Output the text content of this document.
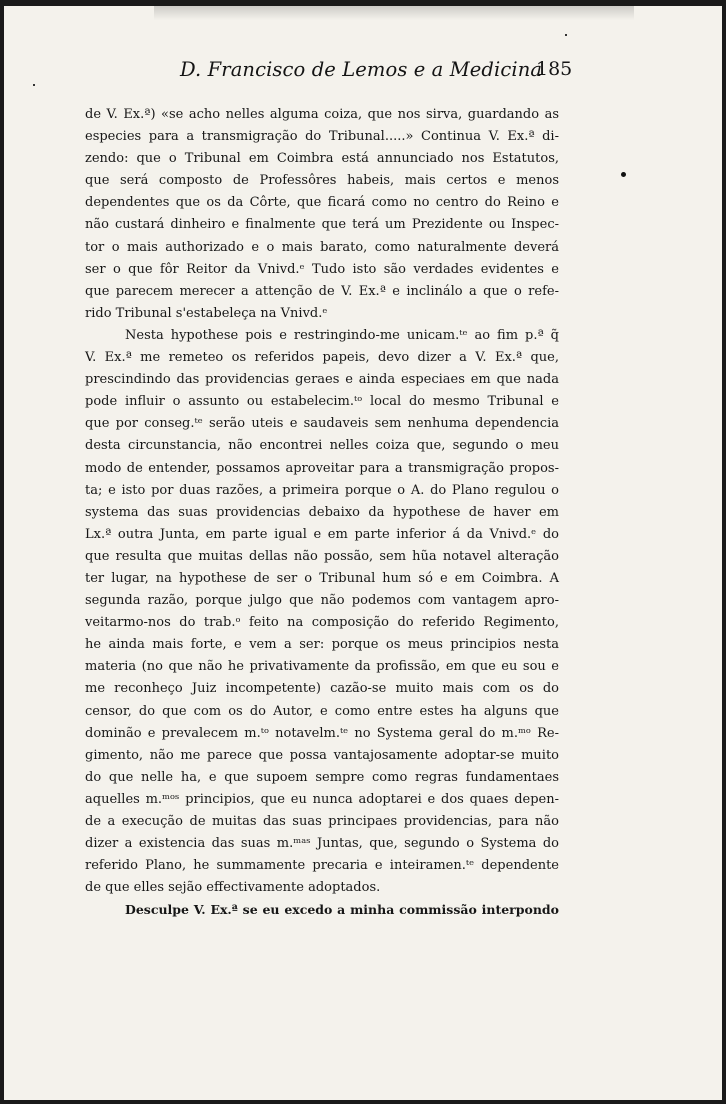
D. Francisco de Lemos e a Medicina
185
de V. Ex.ª) «se acho nelles alguma coiza, que nos sirva, guardando as
especies para a transmigração do Tribunal.....» Continua V. Ex.ª di-
zendo: que o Tribunal em Coimbra está annunciado nos Estatutos,
que será composto de Professôres habeis, mais certos e menos
dependentes que os da Côrte, que ficará como no centro do Reino e
não custará dinheiro e finalmente que terá um Prezidente ou Inspec-
tor o mais authorizado e o mais barato, como naturalmente deverá
ser o que fôr Reitor da Vnivd.ᵉ Tudo isto são verdades evidentes e
que parecem merecer a attenção de V. Ex.ª e inclinálo a que o refe-
rido Tribunal s'estabeleça na Vnivd.ᵉ
Nesta hypothese pois e restringindo-me unicam.ᵗᵉ ao fim p.ª q̃
V. Ex.ª me remeteo os referidos papeis, devo dizer a V. Ex.ª que,
prescindindo das providencias geraes e ainda especiaes em que nada
pode influir o assunto ou estabelecim.ᵗᵒ local do mesmo Tribunal e
que por conseg.ᵗᵉ serão uteis e saudaveis sem nenhuma dependencia
desta circunstancia, não encontrei nelles coiza que, segundo o meu
modo de entender, possamos aproveitar para a transmigração propos-
ta; e isto por duas razões, a primeira porque o A. do Plano regulou o
systema das suas providencias debaixo da hypothese de haver em
Lx.ª outra Junta, em parte igual e em parte inferior á da Vnivd.ᵉ do
que resulta que muitas dellas não possão, sem hũa notavel alteração
ter lugar, na hypothese de ser o Tribunal hum só e em Coimbra. A
segunda razão, porque julgo que não podemos com vantagem apro-
veitarmo-nos do trab.ᵒ feito na composição do referido Regimento,
he ainda mais forte, e vem a ser: porque os meus principios nesta
materia (no que não he privativamente da profissão, em que eu sou e
me reconheço Juiz incompetente) cazão-se muito mais com os do
censor, do que com os do Autor, e como entre estes ha alguns que
dominão e prevalecem m.ᵗᵒ notavelm.ᵗᵉ no Systema geral do m.ᵐᵒ Re-
gimento, não me parece que possa vantajosamente adoptar-se muito
do que nelle ha, e que supoem sempre como regras fundamentaes
aquelles m.ᵐᵒˢ principios, que eu nunca adoptarei e dos quaes depen-
de a execução de muitas das suas principaes providencias, para não
dizer a existencia das suas m.ᵐᵃˢ Juntas, que, segundo o Systema do
referido Plano, he summamente precaria e inteiramen.ᵗᵉ dependente
de que elles sejão effectivamente adoptados.
Desculpe V. Ex.ª se eu excedo a minha commissão interpondo
